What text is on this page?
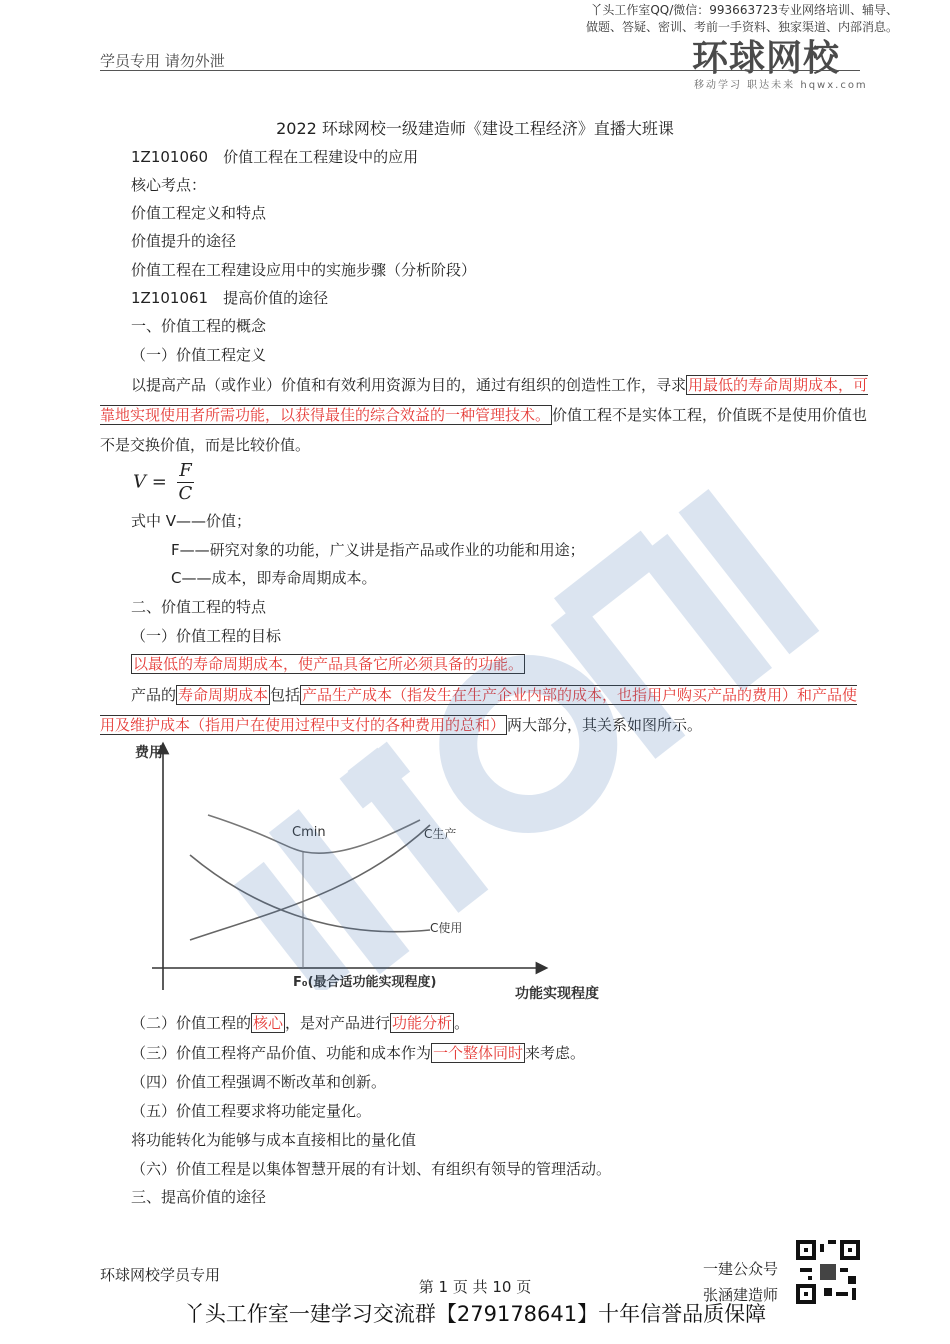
丫头工作室QQ/微信：993663723专业网络培训、辅导、
做题、答疑、密训、考前一手资料、独家渠道、内部消息。
学员专用 请勿外泄	环球网校
移动学习 职达未来 hqwx.com
2022 环球网校一级建造师《建设工程经济》直播大班课
1Z101060　价值工程在工程建设中的应用
核心考点：
价值工程定义和特点
价值提升的途径
价值工程在工程建设应用中的实施步骤（分析阶段）
1Z101061　提高价值的途径
一、价值工程的概念
（一）价值工程定义
以提高产品（或作业）价值和有效利用资源为目的，通过有组织的创造性工作，寻求 用最低的寿命周期成本，可靠地实现使用者所需功能，以获得最佳的综合效益的一种管理技术。 价值工程不是实体工程，价值既不是使用价值也不是交换价值，而是比较价值。
$V = \frac{F}{C}$
式中 V——价值；
F——研究对象的功能，广义讲是指产品或作业的功能和用途；
C——成本，即寿命周期成本。
二、价值工程的特点
（一）价值工程的目标
以最低的寿命周期成本，使产品具备它所必须具备的功能。
产品的 寿命周期成本 包括 产品生产成本（指发生在生产企业内部的成本，也指用户购买产品的费用）和产品使用及维护成本（指用户在使用过程中支付的各种费用的总和） 两大部分，其关系如图所示。
费用
功能实现程度
F₀(最合适功能实现程度)
Cmin	C生产
C使用
（二）价值工程的 核心 ，是对产品进行 功能分析 。
（三）价值工程将产品价值、功能和成本作为 一个整体同时 来考虑。
（四）价值工程强调不断改革和创新。
（五）价值工程要求将功能定量化。
将功能转化为能够与成本直接相比的量化值
（六）价值工程是以集体智慧开展的有计划、有组织有领导的管理活动。
三、提高价值的途径
环球网校学员专用
第 1 页 共 10 页
一建公众号
张涵建造师
丫头工作室一建学习交流群【279178641】十年信誉品质保障
